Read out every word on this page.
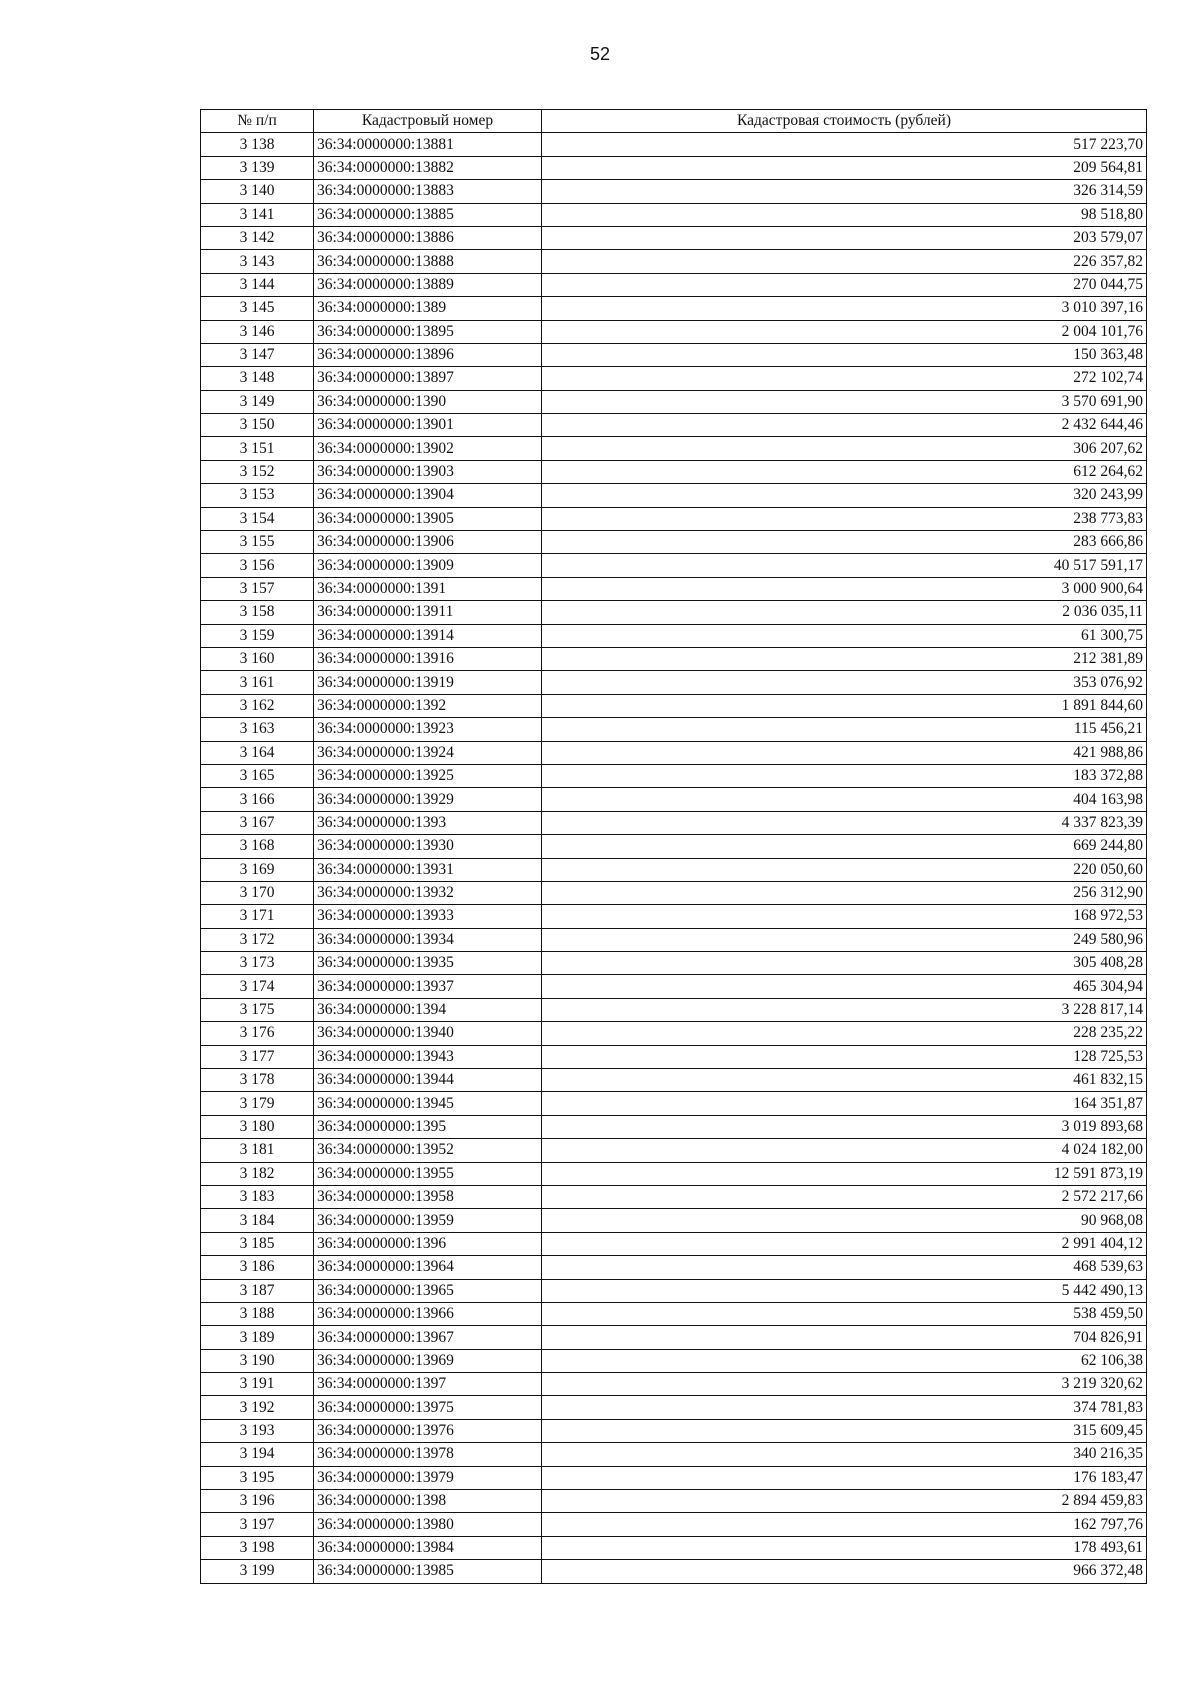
52
№ п/п	Кадастровый номер	Кадастровая стоимость (рублей)
3 138	36:34:0000000:13881	517 223,70
3 139	36:34:0000000:13882	209 564,81
3 140	36:34:0000000:13883	326 314,59
3 141	36:34:0000000:13885	98 518,80
3 142	36:34:0000000:13886	203 579,07
3 143	36:34:0000000:13888	226 357,82
3 144	36:34:0000000:13889	270 044,75
3 145	36:34:0000000:1389	3 010 397,16
3 146	36:34:0000000:13895	2 004 101,76
3 147	36:34:0000000:13896	150 363,48
3 148	36:34:0000000:13897	272 102,74
3 149	36:34:0000000:1390	3 570 691,90
3 150	36:34:0000000:13901	2 432 644,46
3 151	36:34:0000000:13902	306 207,62
3 152	36:34:0000000:13903	612 264,62
3 153	36:34:0000000:13904	320 243,99
3 154	36:34:0000000:13905	238 773,83
3 155	36:34:0000000:13906	283 666,86
3 156	36:34:0000000:13909	40 517 591,17
3 157	36:34:0000000:1391	3 000 900,64
3 158	36:34:0000000:13911	2 036 035,11
3 159	36:34:0000000:13914	61 300,75
3 160	36:34:0000000:13916	212 381,89
3 161	36:34:0000000:13919	353 076,92
3 162	36:34:0000000:1392	1 891 844,60
3 163	36:34:0000000:13923	115 456,21
3 164	36:34:0000000:13924	421 988,86
3 165	36:34:0000000:13925	183 372,88
3 166	36:34:0000000:13929	404 163,98
3 167	36:34:0000000:1393	4 337 823,39
3 168	36:34:0000000:13930	669 244,80
3 169	36:34:0000000:13931	220 050,60
3 170	36:34:0000000:13932	256 312,90
3 171	36:34:0000000:13933	168 972,53
3 172	36:34:0000000:13934	249 580,96
3 173	36:34:0000000:13935	305 408,28
3 174	36:34:0000000:13937	465 304,94
3 175	36:34:0000000:1394	3 228 817,14
3 176	36:34:0000000:13940	228 235,22
3 177	36:34:0000000:13943	128 725,53
3 178	36:34:0000000:13944	461 832,15
3 179	36:34:0000000:13945	164 351,87
3 180	36:34:0000000:1395	3 019 893,68
3 181	36:34:0000000:13952	4 024 182,00
3 182	36:34:0000000:13955	12 591 873,19
3 183	36:34:0000000:13958	2 572 217,66
3 184	36:34:0000000:13959	90 968,08
3 185	36:34:0000000:1396	2 991 404,12
3 186	36:34:0000000:13964	468 539,63
3 187	36:34:0000000:13965	5 442 490,13
3 188	36:34:0000000:13966	538 459,50
3 189	36:34:0000000:13967	704 826,91
3 190	36:34:0000000:13969	62 106,38
3 191	36:34:0000000:1397	3 219 320,62
3 192	36:34:0000000:13975	374 781,83
3 193	36:34:0000000:13976	315 609,45
3 194	36:34:0000000:13978	340 216,35
3 195	36:34:0000000:13979	176 183,47
3 196	36:34:0000000:1398	2 894 459,83
3 197	36:34:0000000:13980	162 797,76
3 198	36:34:0000000:13984	178 493,61
3 199	36:34:0000000:13985	966 372,48
